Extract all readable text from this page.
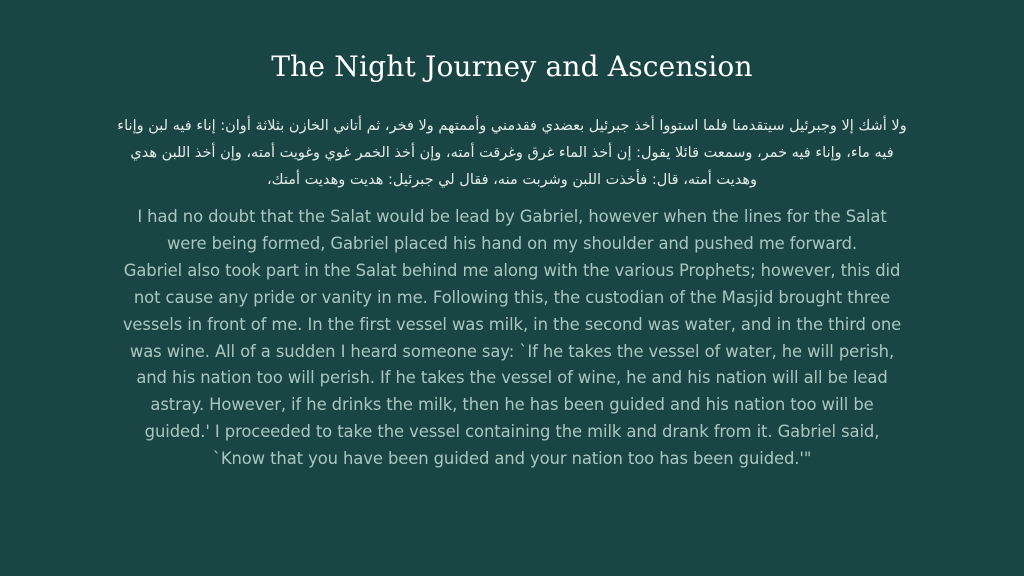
The Night Journey and Ascension

ولا أشك إلا وجبرئيل سيتقدمنا فلما استووا أخذ جبرئيل بعضدي فقدمني وأممتهم ولا فخر، ثم أتاني الخازن بثلاثة أوان: إناء فيه لبن وإناء
فيه ماء، وإناء فيه خمر، وسمعت قائلا يقول: إن أخذ الماء غرق وغرقت أمته، وإن أخذ الخمر غوي وغويت أمته، وإن أخذ اللبن هدي
وهديت أمته، قال: فأخذت اللبن وشربت منه، فقال لي جبرئيل: هديت وهديت أمتك،

I had no doubt that the Salat would be lead by Gabriel, however when the lines for the Salat
were being formed, Gabriel placed his hand on my shoulder and pushed me forward.
Gabriel also took part in the Salat behind me along with the various Prophets; however, this did
not cause any pride or vanity in me. Following this, the custodian of the Masjid brought three
vessels in front of me. In the first vessel was milk, in the second was water, and in the third one
was wine. All of a sudden I heard someone say: `If he takes the vessel of water, he will perish,
and his nation too will perish. If he takes the vessel of wine, he and his nation will all be lead
astray. However, if he drinks the milk, then he has been guided and his nation too will be
guided.' I proceeded to take the vessel containing the milk and drank from it. Gabriel said,
`Know that you have been guided and your nation too has been guided.'"
